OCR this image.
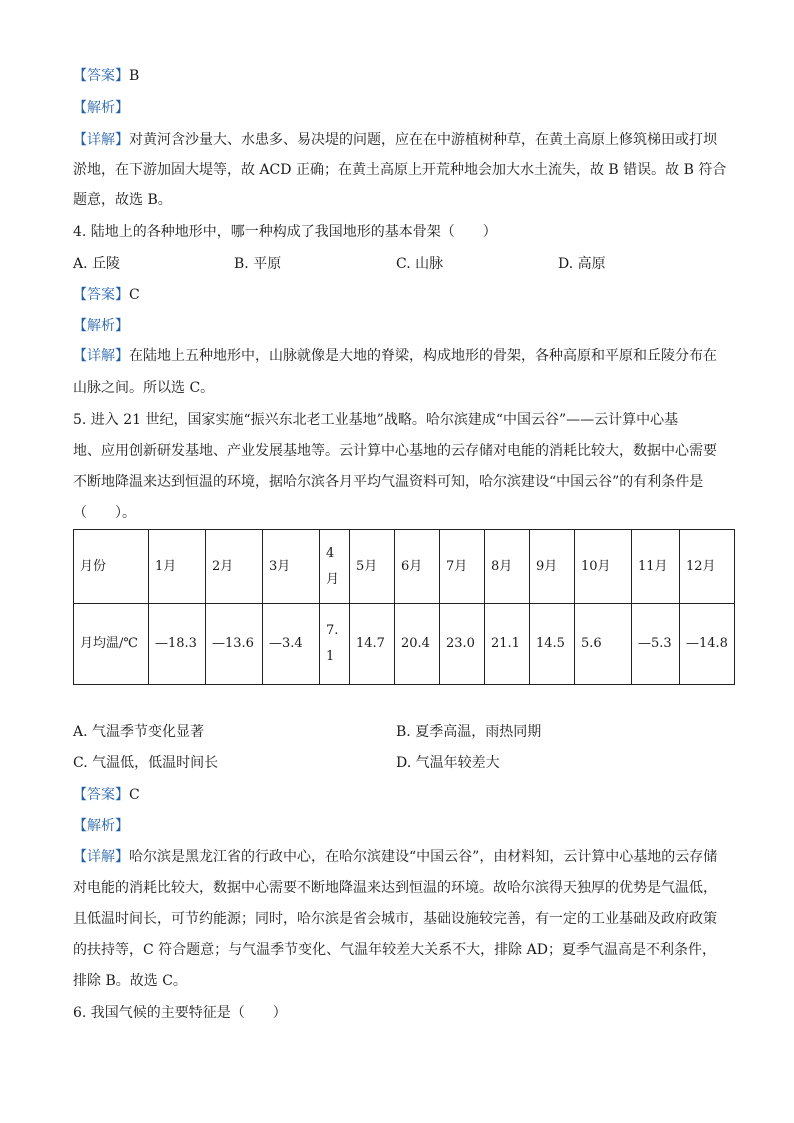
【答案】B
【解析】
【详解】对黄河含沙量大、水患多、易决堤的问题，应在在中游植树种草，在黄土高原上修筑梯田或打坝
淤地，在下游加固大堤等，故 ACD 正确；在黄土高原上开荒种地会加大水土流失，故 B 错误。故 B 符合
题意，故选 B。
4. 陆地上的各种地形中，哪一种构成了我国地形的基本骨架（　　）
A. 丘陵	B. 平原	C. 山脉	D. 高原
【答案】C
【解析】
【详解】在陆地上五种地形中，山脉就像是大地的脊梁，构成地形的骨架，各种高原和平原和丘陵分布在
山脉之间。所以选 C。
5. 进入 21 世纪，国家实施“振兴东北老工业基地”战略。哈尔滨建成“中国云谷”——云计算中心基
地、应用创新研发基地、产业发展基地等。云计算中心基地的云存储对电能的消耗比较大，数据中心需要
不断地降温来达到恒温的环境，据哈尔滨各月平均气温资料可知，哈尔滨建设“中国云谷”的有利条件是
（　　）。
月份	1月	2月	3月	4月	5月	6月	7月	8月	9月	10月	11月	12月
月均温/℃	—18.3	—13.6	—3.4	7.1	14.7	20.4	23.0	21.1	14.5	5.6	—5.3	—14.8
A. 气温季节变化显著	B. 夏季高温，雨热同期
C. 气温低，低温时间长	D. 气温年较差大
【答案】C
【解析】
【详解】哈尔滨是黑龙江省的行政中心，在哈尔滨建设“中国云谷”，由材料知，云计算中心基地的云存储
对电能的消耗比较大，数据中心需要不断地降温来达到恒温的环境。故哈尔滨得天独厚的优势是气温低，
且低温时间长，可节约能源；同时，哈尔滨是省会城市，基础设施较完善，有一定的工业基础及政府政策
的扶持等，C 符合题意；与气温季节变化、气温年较差大关系不大，排除 AD；夏季气温高是不利条件，
排除 B。故选 C。
6. 我国气候的主要特征是（　　）
